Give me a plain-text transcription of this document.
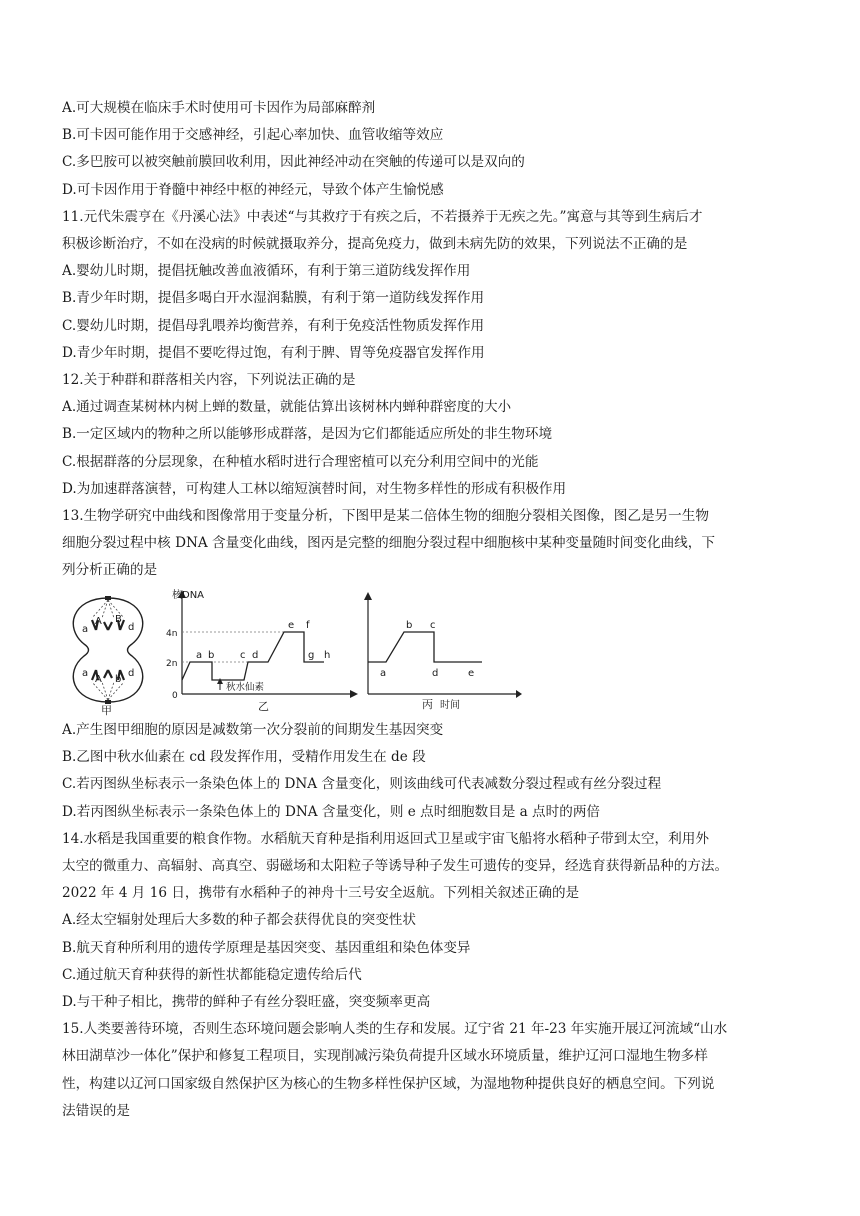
A.可大规模在临床手术时使用可卡因作为局部麻醉剂
B.可卡因可能作用于交感神经，引起心率加快、血管收缩等效应
C.多巴胺可以被突触前膜回收利用，因此神经冲动在突触的传递可以是双向的
D.可卡因作用于脊髓中神经中枢的神经元，导致个体产生愉悦感
11.元代朱震亨在《丹溪心法》中表述“与其救疗于有疾之后，不若摄养于无疾之先。”寓意与其等到生病后才
积极诊断治疗，不如在没病的时候就摄取养分，提高免疫力，做到未病先防的效果，下列说法不正确的是
A.婴幼儿时期，提倡抚触改善血液循环，有利于第三道防线发挥作用
B.青少年时期，提倡多喝白开水湿润黏膜，有利于第一道防线发挥作用
C.婴幼儿时期，提倡母乳喂养均衡营养，有利于免疫活性物质发挥作用
D.青少年时期，提倡不要吃得过饱，有利于脾、胃等免疫器官发挥作用
12.关于种群和群落相关内容，下列说法正确的是
A.通过调查某树林内树上蝉的数量，就能估算出该树林内蝉种群密度的大小
B.一定区域内的物种之所以能够形成群落，是因为它们都能适应所处的非生物环境
C.根据群落的分层现象，在种植水稻时进行合理密植可以充分利用空间中的光能
D.为加速群落演替，可构建人工林以缩短演替时间，对生物多样性的形成有积极作用
13.生物学研究中曲线和图像常用于变量分析，下图甲是某二倍体生物的细胞分裂相关图像，图乙是另一生物
细胞分裂过程中核 DNA 含量变化曲线，图丙是完整的细胞分裂过程中细胞核中某种变量随时间变化曲线，下
列分析正确的是
a
A B
d
a
A b
d
甲
核DNA
4n
2n
0
a b	c d
e f
g h
秋水仙素
乙
a
b c
d	e
丙 时间
A.产生图甲细胞的原因是减数第一次分裂前的间期发生基因突变
B.乙图中秋水仙素在 cd 段发挥作用，受精作用发生在 de 段
C.若丙图纵坐标表示一条染色体上的 DNA 含量变化，则该曲线可代表减数分裂过程或有丝分裂过程
D.若丙图纵坐标表示一条染色体上的 DNA 含量变化，则 e 点时细胞数目是 a 点时的两倍
14.水稻是我国重要的粮食作物。水稻航天育种是指利用返回式卫星或宇宙飞船将水稻种子带到太空，利用外
太空的微重力、高辐射、高真空、弱磁场和太阳粒子等诱导种子发生可遗传的变异，经选育获得新品种的方法。
2022 年 4 月 16 日，携带有水稻种子的神舟十三号安全返航。下列相关叙述正确的是
A.经太空辐射处理后大多数的种子都会获得优良的突变性状
B.航天育种所利用的遗传学原理是基因突变、基因重组和染色体变异
C.通过航天育种获得的新性状都能稳定遗传给后代
D.与干种子相比，携带的鲜种子有丝分裂旺盛，突变频率更高
15.人类要善待环境，否则生态环境问题会影响人类的生存和发展。辽宁省 21 年-23 年实施开展辽河流域“山水
林田湖草沙一体化”保护和修复工程项目，实现削减污染负荷提升区域水环境质量，维护辽河口湿地生物多样
性，构建以辽河口国家级自然保护区为核心的生物多样性保护区域，为湿地物种提供良好的栖息空间。下列说
法错误的是
